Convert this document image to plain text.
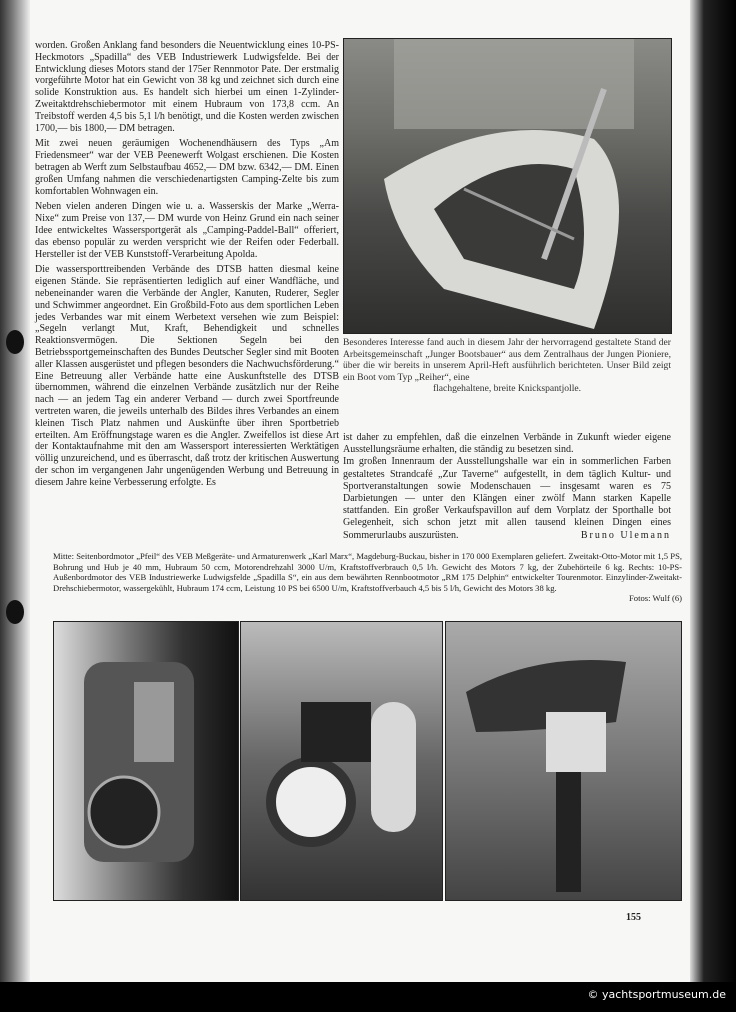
worden. Großen Anklang fand besonders die Neuentwicklung eines 10-PS-Heckmotors „Spadilla“ des VEB Industriewerk Ludwigsfelde. Bei der Entwicklung dieses Motors stand der 175er Rennmotor Pate. Der erstmalig vorgeführte Motor hat ein Gewicht von 38 kg und zeichnet sich durch eine solide Konstruktion aus. Es handelt sich hierbei um einen 1-Zylinder-Zweitaktdrehschiebermotor mit einem Hubraum von 173,8 ccm. An Treibstoff werden 4,5 bis 5,1 l/h benötigt, und die Kosten werden zwischen 1700,— bis 1800,— DM betragen.

Mit zwei neuen geräumigen Wochenendhäusern des Typs „Am Friedensmeer“ war der VEB Peenewerft Wolgast erschienen. Die Kosten betragen ab Werft zum Selbstaufbau 4652,— DM bzw. 6342,— DM. Einen großen Umfang nahmen die verschiedenartigsten Camping-Zelte bis zum komfortablen Wohnwagen ein.

Neben vielen anderen Dingen wie u. a. Wasserskis der Marke „Werra-Nixe“ zum Preise von 137,— DM wurde von Heinz Grund ein nach seiner Idee entwickeltes Wassersportgerät als „Camping-Paddel-Ball“ offeriert, das ebenso populär zu werden verspricht wie der Reifen oder Federball. Hersteller ist der VEB Kunststoff-Verarbeitung Apolda.

Die wassersporttreibenden Verbände des DTSB hatten diesmal keine eigenen Stände. Sie repräsentierten lediglich auf einer Wandfläche, und nebeneinander waren die Verbände der Angler, Kanuten, Ruderer, Segler und Schwimmer angeordnet. Ein Großbild-Foto aus dem sportlichen Leben jedes Verbandes war mit einem Werbetext versehen wie zum Beispiel: „Segeln verlangt Mut, Kraft, Behendigkeit und schnelles Reaktionsvermögen. Die Sektionen Segeln bei den Betriebssportgemeinschaften des Bundes Deutscher Segler sind mit Booten aller Klassen ausgerüstet und pflegen besonders die Nachwuchsförderung.“ Eine Betreuung aller Verbände hatte eine Auskunftstelle des DTSB übernommen, während die einzelnen Verbände zusätzlich nur der Reihe nach — an jedem Tag ein anderer Verband — durch zwei Sportfreunde vertreten waren, die jeweils unterhalb des Bildes ihres Verbandes an einem kleinen Tisch Platz nahmen und Auskünfte über ihren Sportbetrieb erteilten. Am Eröffnungstage waren es die Angler. Zweifellos ist diese Art der Kontaktaufnahme mit den am Wassersport interessierten Werktätigen völlig unzureichend, und es überrascht, daß trotz der kritischen Auswertung der schon im vergangenen Jahr ungenügenden Werbung und Betreuung in diesem Jahre keine Verbesserung erfolgte. Es

Besonderes Interesse fand auch in diesem Jahr der hervorragend gestaltete Stand der Arbeitsgemeinschaft „Junger Bootsbauer“ aus dem Zentralhaus der Jungen Pioniere, über die wir bereits in unserem April-Heft ausführlich berichteten. Unser Bild zeigt ein Boot vom Typ „Reiher“, eine
flachgehaltene, breite Knickspantjolle.

ist daher zu empfehlen, daß die einzelnen Verbände in Zukunft wieder eigene Ausstellungsräume erhalten, die ständig zu besetzen sind.

Im großen Innenraum der Ausstellungshalle war ein in sommerlichen Farben gestaltetes Strandcafé „Zur Taverne“ aufgestellt, in dem täglich Kultur- und Sportveranstaltungen sowie Modenschauen — insgesamt waren es 75 Darbietungen — unter den Klängen einer zwölf Mann starken Kapelle stattfanden. Ein großer Verkaufspavillon auf dem Vorplatz der Sporthalle bot Gelegenheit, sich schon jetzt mit allen tausend kleinen Dingen eines Sommerurlaubs auszurüsten.	Bruno Ulemann

Mitte: Seitenbordmotor „Pfeil“ des VEB Meßgeräte- und Armaturenwerk „Karl Marx“, Magdeburg-Buckau, bisher in 170 000 Exemplaren geliefert. Zweitakt-Otto-Motor mit 1,5 PS, Bohrung und Hub je 40 mm, Hubraum 50 ccm, Motorendrehzahl 3000 U/m, Kraftstoffverbrauch 0,5 l/h. Gewicht des Motors 7 kg, der Zubehörteile 6 kg. Rechts: 10-PS-Außenbordmotor des VEB Industriewerke Ludwigsfelde „Spadilla S“, ein aus dem bewährten Rennbootmotor „RM 175 Delphin“ entwickelter Tourenmotor. Einzylinder-Zweitakt-Drehschiebermotor, wassergekühlt, Hubraum 174 ccm, Leistung 10 PS bei 6500 U/m, Kraftstoffverbauch 4,5 bis 5 l/h, Gewicht des Motors 38 kg.
Fotos: Wulf (6)
155
© yachtsportmuseum.de
